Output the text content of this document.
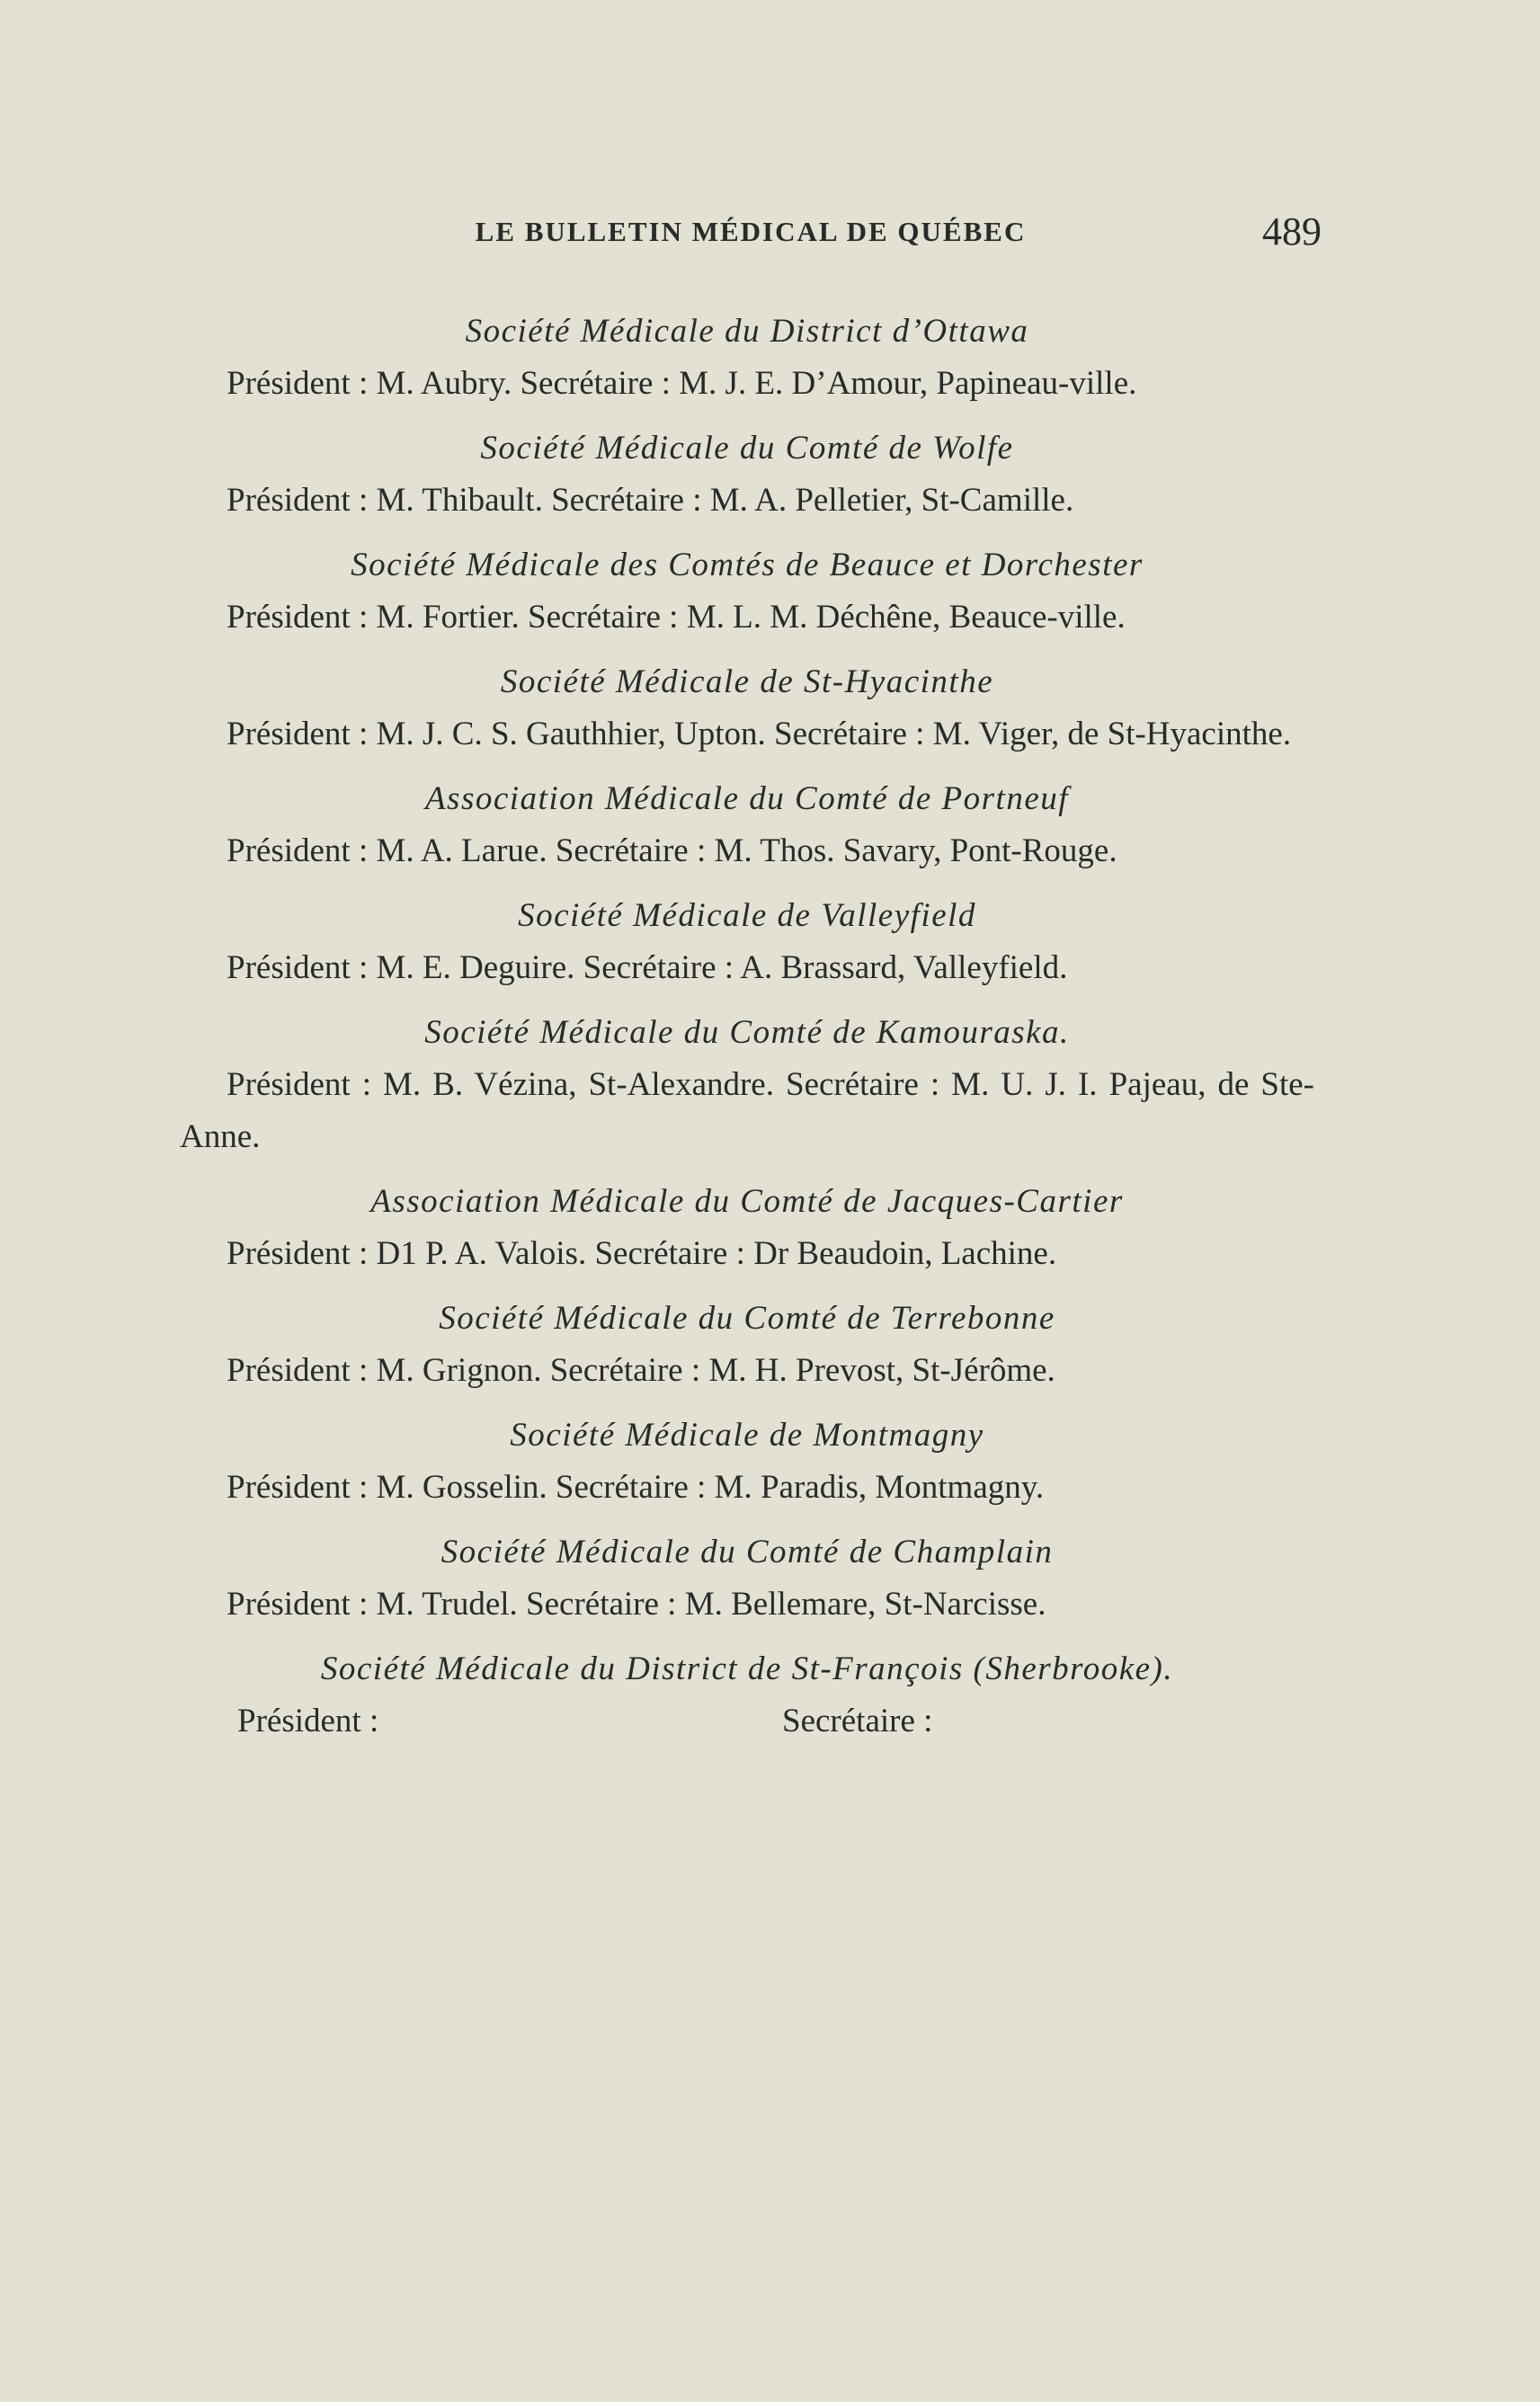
LE BULLETIN MÉDICAL DE QUÉBEC	489

Société Médicale du District d’Ottawa

Président : M. Aubry. Secrétaire : M. J. E. D’Amour, Papineau-ville.

Société Médicale du Comté de Wolfe

Président : M. Thibault. Secrétaire : M. A. Pelletier, St-Camille.

Société Médicale des Comtés de Beauce et Dorchester

Président : M. Fortier. Secrétaire : M. L. M. Déchêne, Beauce-ville.

Société Médicale de St-Hyacinthe

Président : M. J. C. S. Gauthhier, Upton. Secrétaire : M. Viger, de St-Hyacinthe.

Association Médicale du Comté de Portneuf

Président : M. A. Larue. Secrétaire : M. Thos. Savary, Pont-Rouge.

Société Médicale de Valleyfield

Président : M. E. Deguire. Secrétaire : A. Brassard, Valleyfield.

Société Médicale du Comté de Kamouraska.

Président : M. B. Vézina, St-Alexandre. Secrétaire : M. U. J. I. Pajeau, de Ste-Anne.

Association Médicale du Comté de Jacques-Cartier

Président : D1 P. A. Valois. Secrétaire : Dr Beaudoin, Lachine.

Société Médicale du Comté de Terrebonne

Président : M. Grignon. Secrétaire : M. H. Prevost, St-Jérôme.

Société Médicale de Montmagny

Président : M. Gosselin. Secrétaire : M. Paradis, Montmagny.

Société Médicale du Comté de Champlain

Président : M. Trudel. Secrétaire : M. Bellemare, St-Narcisse.

Société Médicale du District de St-François (Sherbrooke).

Président :	Secrétaire :
